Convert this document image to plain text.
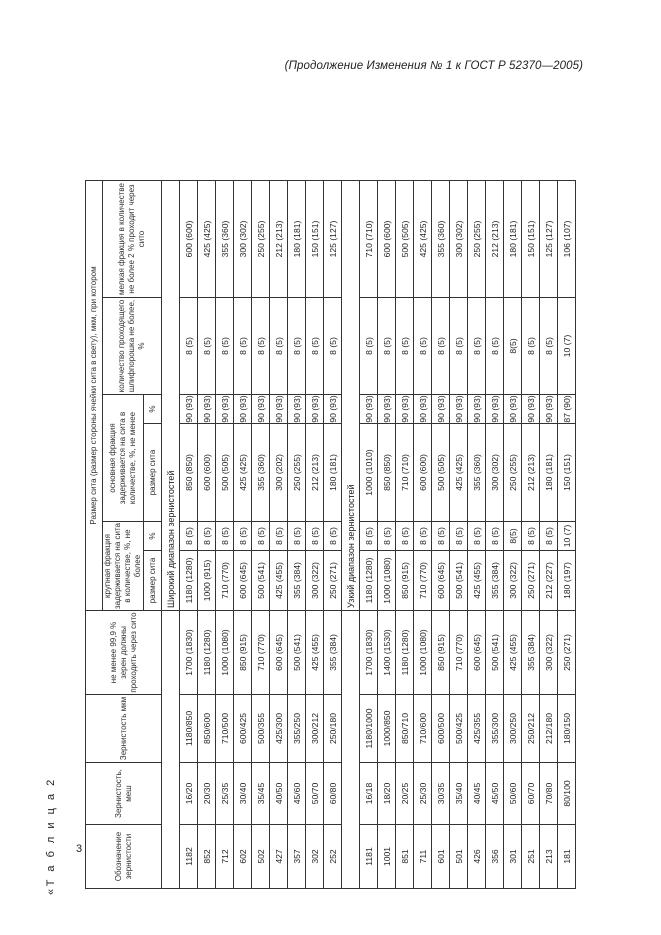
(Продолжение Изменения № 1 к ГОСТ Р 52370—2005)
«Т а б л и ц а 2	Обозначение зернистости	Зернистость, меш	Зернистость мкм	не менее 99,9 % зерен должны проходить через сито	Размер сита (размер стороны ячейки сита в свету), мкм, при котором					
				крупная фракция задерживается на сита в количестве, %, не более		основная фракция задерживается на сита в количестве, %, не менее		количество проходящего шлифпорошка не более, %	мелкая фракция в количестве не более 2 % проходит через сито
				размер сита	%	размер сита	%		
				Широкий диапазон зернистостей					
1182	16/20	1180/850	1700 (1830)	1180 (1280)	8 (5)	850 (850)	90 (93)	8 (5)	600 (600)
852	20/30	850/600	1180 (1280)	1000 (915)	8 (5)	600 (600)	90 (93)	8 (5)	425 (425)
712	25/35	710/500	1000 (1080)	710 (770)	8 (5)	500 (505)	90 (93)	8 (5)	355 (360)
602	30/40	600/425	850 (915)	600 (645)	8 (5)	425 (425)	90 (93)	8 (5)	300 (302)
502	35/45	500/355	710 (770)	500 (541)	8 (5)	355 (360)	90 (93)	8 (5)	250 (255)
427	40/50	425/300	600 (645)	425 (455)	8 (5)	300 (202)	90 (93)	8 (5)	212 (213)
357	45/60	355/250	500 (541)	355 (384)	8 (5)	250 (255)	90 (93)	8 (5)	180 (181)
302	50/70	300/212	425 (455)	300 (322)	8 (5)	212 (213)	90 (93)	8 (5)	150 (151)
252	60/80	250/180	355 (384)	250 (271)	8 (5)	180 (181)	90 (93)	8 (5)	125 (127)
				Узкий диапазон зернистостей					
1181	16/18	1180/1000	1700 (1830)	1180 (1280)	8 (5)	1000 (1010)	90 (93)	8 (5)	710 (710)
1001	18/20	1000/850	1400 (1530)	1000 (1080)	8 (5)	850 (850)	90 (93)	8 (5)	600 (600)
851	20/25	850/710	1180 (1280)	850 (915)	8 (5)	710 (710)	90 (93)	8 (5)	500 (505)
711	25/30	710/600	1000 (1080)	710 (770)	8 (5)	600 (600)	90 (93)	8 (5)	425 (425)
601	30/35	600/500	850 (915)	600 (645)	8 (5)	500 (505)	90 (93)	8 (5)	355 (360)
501	35/40	500/425	710 (770)	500 (541)	8 (5)	425 (425)	90 (93)	8 (5)	300 (302)
426	40/45	425/355	600 (645)	425 (455)	8 (5)	355 (360)	90 (93)	8 (5)	250 (255)
356	45/50	355/300	500 (541)	355 (384)	8 (5)	300 (302)	90 (93)	8 (5)	212 (213)
301	50/60	300/250	425 (455)	300 (322)	8(5)	250 (255)	90 (93)	8(5)	180 (181)
251	60/70	250/212	355 (384)	250 (271)	8 (5)	212 (213)	90 (93)	8 (5)	150 (151)
213	70/80	212/180	300 (322)	212 (227)	8 (5)	180 (181)	90 (93)	8 (5)	125 (127)
181	80/100	180/150	250 (271)	180 (197)	10 (7)	150 (151)	87 (90)	10 (7)	106 (107)
3
